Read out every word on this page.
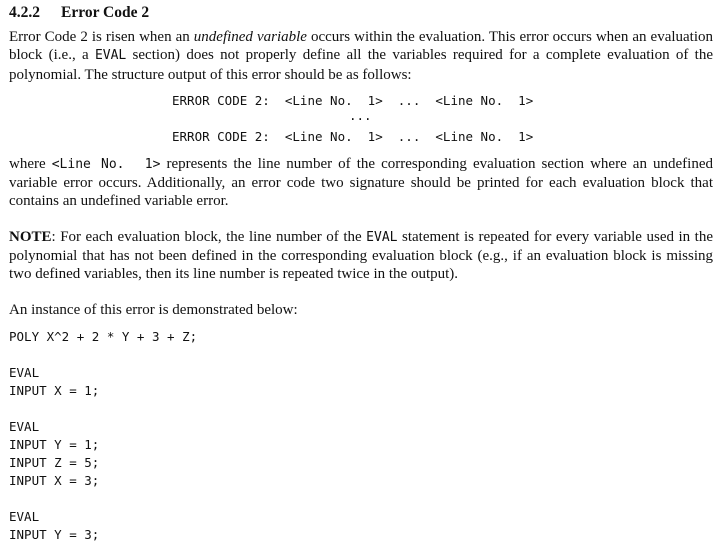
4.2.2 Error Code 2

Error Code 2 is risen when an undefined variable occurs within the evaluation. This error occurs when an evaluation block (i.e., a EVAL section) does not properly define all the variables required for a complete evaluation of the polynomial. The structure output of this error should be as follows:

ERROR CODE 2:  <Line No.  1>  ...  <Line No.  1>
...
ERROR CODE 2:  <Line No.  1>  ...  <Line No.  1>

where <Line No.  1> represents the line number of the corresponding evaluation section where an undefined variable error occurs. Additionally, an error code two signature should be printed for each evaluation block that contains an undefined variable error.

NOTE: For each evaluation block, the line number of the EVAL statement is repeated for every variable used in the polynomial that has not been defined in the corresponding evaluation block (e.g., if an evaluation block is missing two defined variables, then its line number is repeated twice in the output).

An instance of this error is demonstrated below:

POLY X^2 + 2 * Y + 3 + Z;
EVAL
INPUT X = 1;
EVAL
INPUT Y = 1;
INPUT Z = 5;
INPUT X = 3;
EVAL
INPUT Y = 3;
